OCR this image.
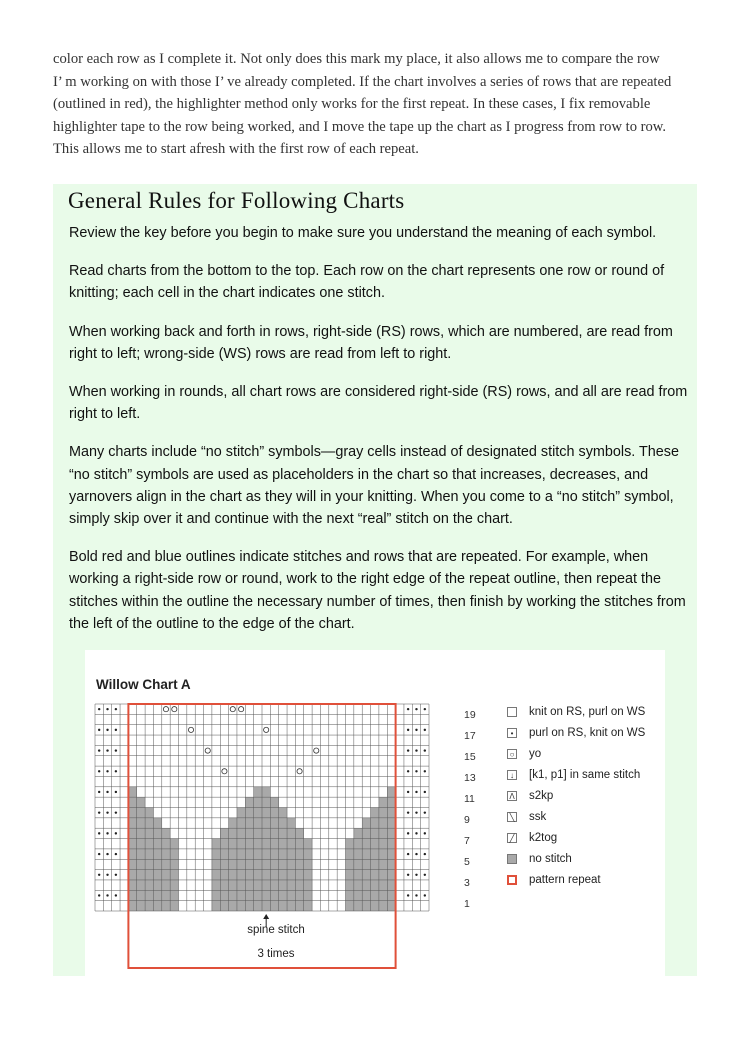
color each row as I complete it. Not only does this mark my place, it also allows me to compare the row

I’ m working on with those I’ ve already completed. If the chart involves a series of rows that are repeated

(outlined in red), the highlighter method only works for the first repeat. In these cases, I fix removable

highlighter tape to the row being worked, and I move the tape up the chart as I progress from row to row.

This allows me to start afresh with the first row of each repeat.

General Rules for Following Charts

Review the key before you begin to make sure you understand the meaning of each symbol.

Read charts from the bottom to the top. Each row on the chart represents one row or round of knitting; each cell in the chart indicates one stitch.

When working back and forth in rows, right-side (RS) rows, which are numbered, are read from right to left; wrong-side (WS) rows are read from left to right.

When working in rounds, all chart rows are considered right-side (RS) rows, and all are read from right to left.

Many charts include “no stitch” symbols—gray cells instead of designated stitch symbols. These “no stitch” symbols are used as placeholders in the chart so that increases, decreases, and yarnovers align in the chart as they will in your knitting. When you come to a “no stitch” symbol, simply skip over it and continue with the next “real” stitch on the chart.

Bold red and blue outlines indicate stitches and rows that are repeated. For example, when working a right-side row or round, work to the right edge of the repeat outline, then repeat the stitches within the outline the necessary number of times, then finish by working the stitches from the left of the outline to the edge of the chart.

Willow Chart A
19
17
15
13
11
9
7
5
3
1
spine stitch
3 times
knit on RS, purl on WS
•	purl on RS, knit on WS
○ yo
↓ [k1, p1] in same stitch
Λ s2kp
╲ ssk
╱ k2tog
no stitch
pattern repeat
